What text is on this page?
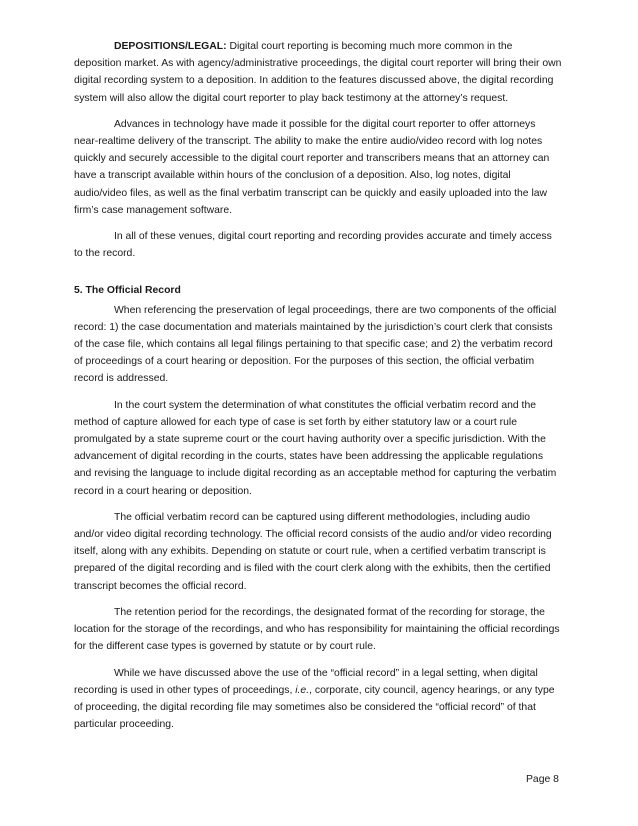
DEPOSITIONS/LEGAL: Digital court reporting is becoming much more common in the deposition market. As with agency/administrative proceedings, the digital court reporter will bring their own digital recording system to a deposition. In addition to the features discussed above, the digital recording system will also allow the digital court reporter to play back testimony at the attorney’s request.

Advances in technology have made it possible for the digital court reporter to offer attorneys near-realtime delivery of the transcript. The ability to make the entire audio/video record with log notes quickly and securely accessible to the digital court reporter and transcribers means that an attorney can have a transcript available within hours of the conclusion of a deposition. Also, log notes, digital audio/video files, as well as the final verbatim transcript can be quickly and easily uploaded into the law firm’s case management software.

In all of these venues, digital court reporting and recording provides accurate and timely access to the record.

5. The Official Record

When referencing the preservation of legal proceedings, there are two components of the official record: 1) the case documentation and materials maintained by the jurisdiction’s court clerk that consists of the case file, which contains all legal filings pertaining to that specific case; and 2) the verbatim record of proceedings of a court hearing or deposition. For the purposes of this section, the official verbatim record is addressed.

In the court system the determination of what constitutes the official verbatim record and the method of capture allowed for each type of case is set forth by either statutory law or a court rule promulgated by a state supreme court or the court having authority over a specific jurisdiction. With the advancement of digital recording in the courts, states have been addressing the applicable regulations and revising the language to include digital recording as an acceptable method for capturing the verbatim record in a court hearing or deposition.

The official verbatim record can be captured using different methodologies, including audio and/or video digital recording technology. The official record consists of the audio and/or video recording itself, along with any exhibits. Depending on statute or court rule, when a certified verbatim transcript is prepared of the digital recording and is filed with the court clerk along with the exhibits, then the certified transcript becomes the official record.

The retention period for the recordings, the designated format of the recording for storage, the location for the storage of the recordings, and who has responsibility for maintaining the official recordings for the different case types is governed by statute or by court rule.

While we have discussed above the use of the “official record” in a legal setting, when digital recording is used in other types of proceedings, i.e., corporate, city council, agency hearings, or any type of proceeding, the digital recording file may sometimes also be considered the “official record” of that particular proceeding.

Page 8
